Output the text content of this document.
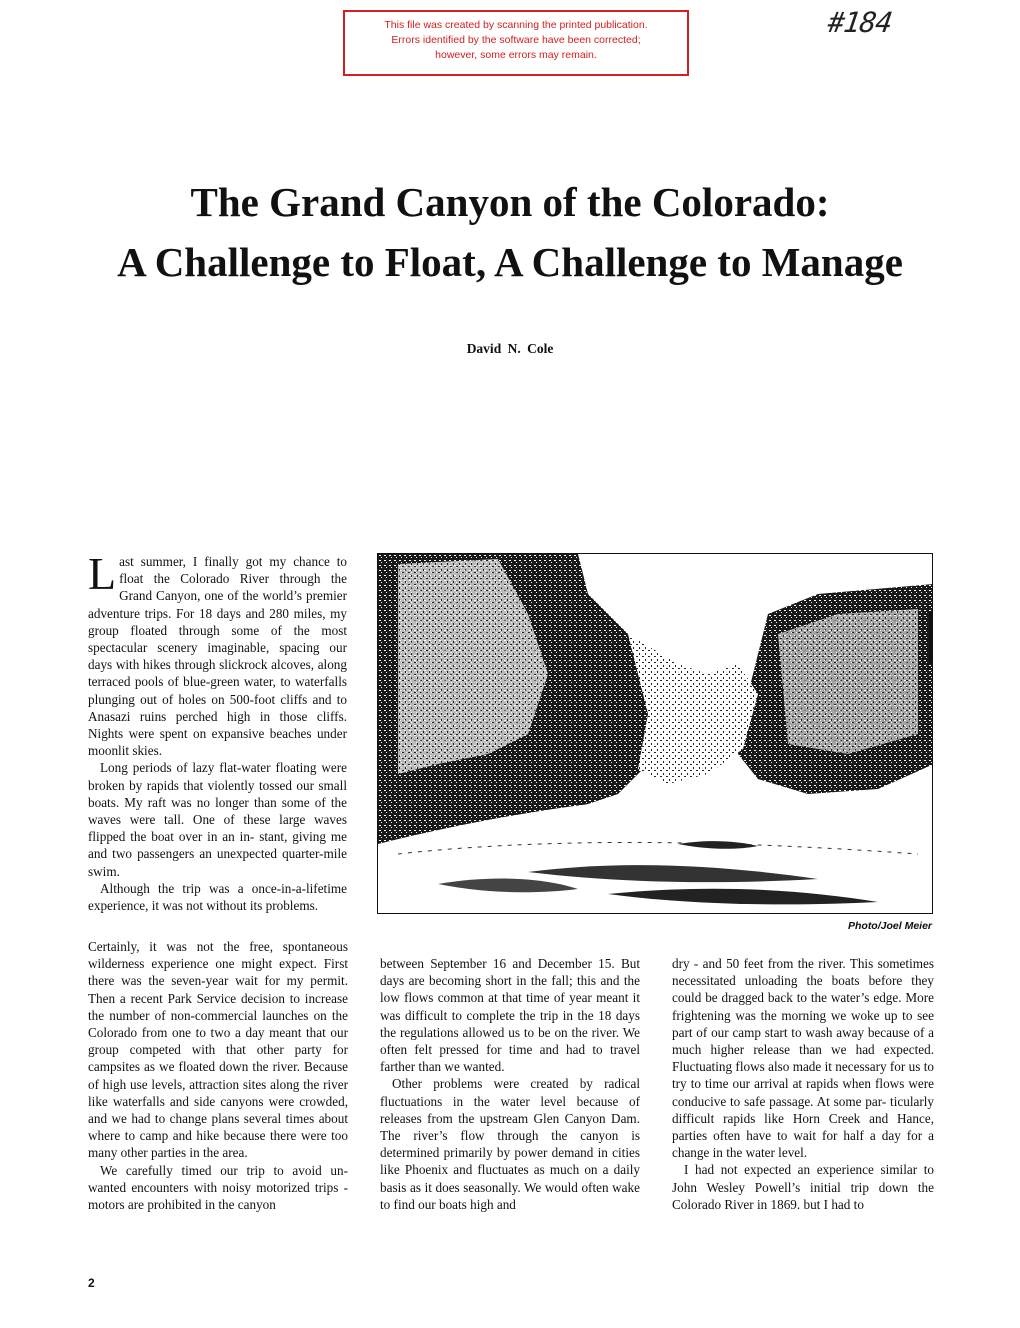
This file was created by scanning the printed publication.
Errors identified by the software have been corrected;
however, some errors may remain.
#184
The Grand Canyon of the Colorado:
A Challenge to Float, A Challenge to Manage
David N. Cole

Last summer, I finally got my chance to float the Colorado River through the Grand Canyon, one of the world’s premier adventure trips. For 18 days and 280 miles, my group floated through some of the most spectacular scenery imaginable, spacing our days with hikes through slickrock alcoves, along terraced pools of blue-green water, to waterfalls plunging out of holes on 500-foot cliffs and to Anasazi ruins perched high in those cliffs. Nights were spent on expansive beaches under moonlit skies.

Long periods of lazy flat-water floating were broken by rapids that violently tossed our small boats. My raft was no longer than some of the waves were tall. One of these large waves flipped the boat over in an in- stant, giving me and two passengers an unexpected quarter-mile swim.

Although the trip was a once-in-a-lifetime experience, it was not without its problems.

Photo/Joel Meier

Certainly, it was not the free, spontaneous wilderness experience one might expect. First there was the seven-year wait for my permit. Then a recent Park Service decision to increase the number of non-commercial launches on the Colorado from one to two a day meant that our group competed with that other party for campsites as we floated down the river. Because of high use levels, attraction sites along the river like waterfalls and side canyons were crowded, and we had to change plans several times about where to camp and hike because there were too many other parties in the area.

We carefully timed our trip to avoid un- wanted encounters with noisy motorized trips - motors are prohibited in the canyon

between September 16 and December 15. But days are becoming short in the fall; this and the low flows common at that time of year meant it was difficult to complete the trip in the 18 days the regulations allowed us to be on the river. We often felt pressed for time and had to travel farther than we wanted.

Other problems were created by radical fluctuations in the water level because of releases from the upstream Glen Canyon Dam. The river’s flow through the canyon is determined primarily by power demand in cities like Phoenix and fluctuates as much on a daily basis as it does seasonally. We would often wake to find our boats high and

dry - and 50 feet from the river. This sometimes necessitated unloading the boats before they could be dragged back to the water’s edge. More frightening was the morning we woke up to see part of our camp start to wash away because of a much higher release than we had expected. Fluctuating flows also made it necessary for us to try to time our arrival at rapids when flows were conducive to safe passage. At some par- ticularly difficult rapids like Horn Creek and Hance, parties often have to wait for half a day for a change in the water level.

I had not expected an experience similar to John Wesley Powell’s initial trip down the Colorado River in 1869. but I had to

2
